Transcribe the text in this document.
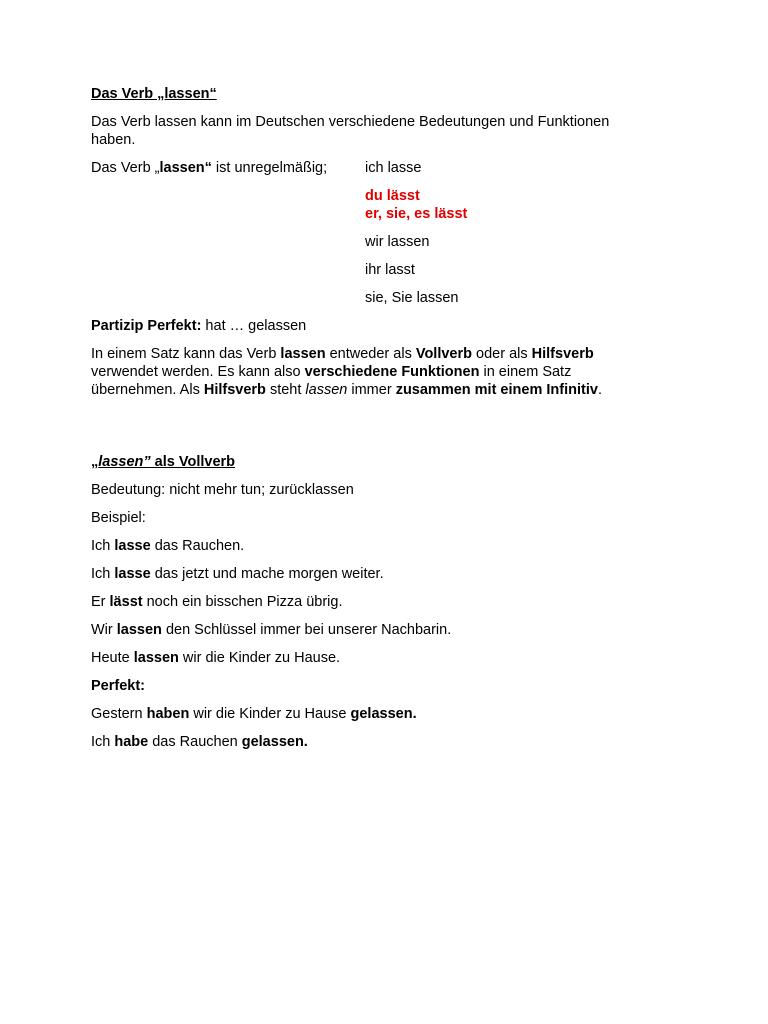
Das Verb „lassen“
Das Verb lassen kann im Deutschen verschiedene Bedeutungen und Funktionen
haben.
Das Verb „lassen“ ist unregelmäßig;	ich lasse
du lässt
er, sie, es lässt
wir lassen
ihr lasst
sie, Sie lassen
Partizip Perfekt: hat … gelassen
In einem Satz kann das Verb lassen entweder als Vollverb oder als Hilfsverb
verwendet werden. Es kann also verschiedene Funktionen in einem Satz
übernehmen. Als Hilfsverb steht lassen immer zusammen mit einem Infinitiv.
„lassen” als Vollverb
Bedeutung: nicht mehr tun; zurücklassen
Beispiel:
Ich lasse das Rauchen.
Ich lasse das jetzt und mache morgen weiter.
Er lässt noch ein bisschen Pizza übrig.
Wir lassen den Schlüssel immer bei unserer Nachbarin.
Heute lassen wir die Kinder zu Hause.
Perfekt:
Gestern haben wir die Kinder zu Hause gelassen.
Ich habe das Rauchen gelassen.
